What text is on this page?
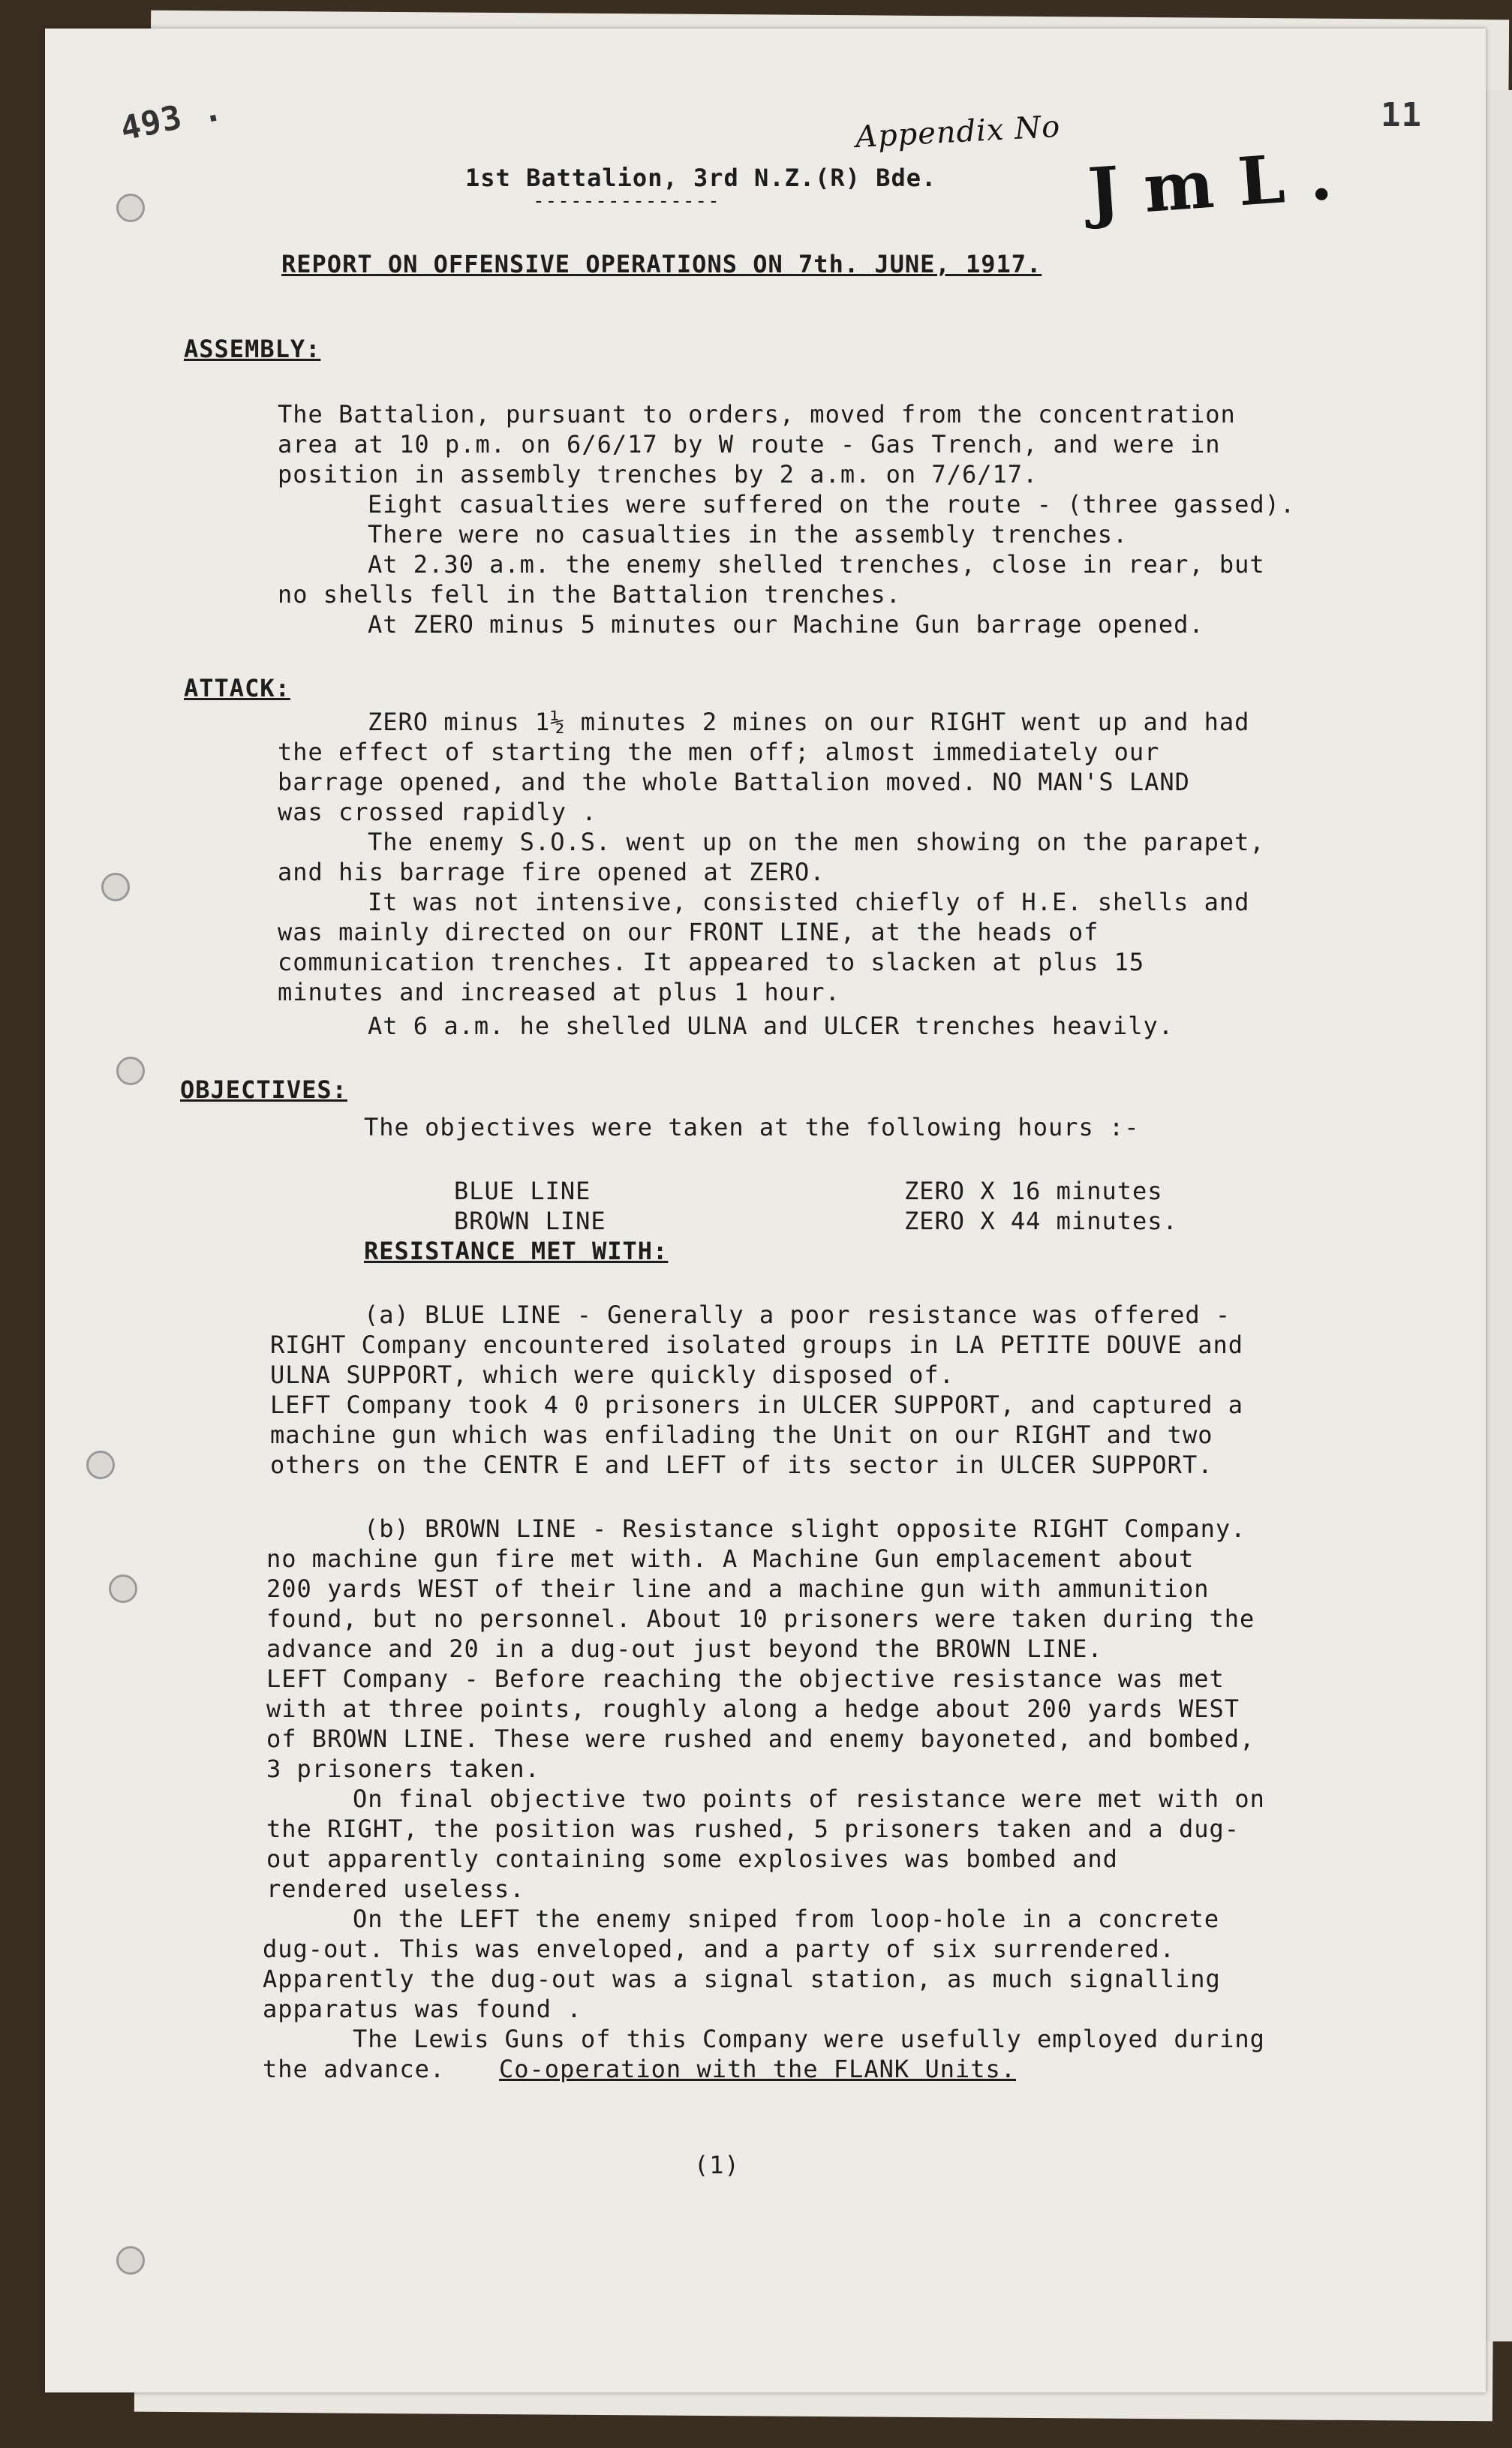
493 .	11
Appendix No
J m L .
1st Battalion, 3rd N.Z.(R) Bde.
---------------
REPORT ON OFFENSIVE OPERATIONS ON 7th. JUNE, 1917.
ASSEMBLY:
The Battalion, pursuant to orders, moved from the concentration
area at 10 p.m. on 6/6/17 by W route - Gas Trench, and were in
position in assembly trenches by 2 a.m. on 7/6/17.
Eight casualties were suffered on the route - (three gassed).
There were no casualties in the assembly trenches.
At 2.30 a.m. the enemy shelled trenches, close in rear, but
no shells fell in the Battalion trenches.
At ZERO minus 5 minutes our Machine Gun barrage opened.
ATTACK:
ZERO minus 1½ minutes 2 mines on our RIGHT went up and had
the effect of starting the men off; almost immediately our
barrage opened, and the whole Battalion moved. NO MAN'S LAND
was crossed rapidly .
The enemy S.O.S. went up on the men showing on the parapet,
and his barrage fire opened at ZERO.
It was not intensive, consisted chiefly of H.E. shells and
was mainly directed on our FRONT LINE, at the heads of
communication trenches. It appeared to slacken at plus 15
minutes and increased at plus 1 hour.
At 6 a.m. he shelled ULNA and ULCER trenches heavily.
OBJECTIVES:
The objectives were taken at the following hours :-
BLUE LINE	ZERO X 16 minutes
BROWN LINE	ZERO X 44 minutes.
RESISTANCE MET WITH:
(a) BLUE LINE - Generally a poor resistance was offered -
RIGHT Company encountered isolated groups in LA PETITE DOUVE and
ULNA SUPPORT, which were quickly disposed of.
LEFT Company took 4 0 prisoners in ULCER SUPPORT, and captured a
machine gun which was enfilading the Unit on our RIGHT and two
others on the CENTR E and LEFT of its sector in ULCER SUPPORT.
(b) BROWN LINE - Resistance slight opposite RIGHT Company.
no machine gun fire met with. A Machine Gun emplacement about
200 yards WEST of their line and a machine gun with ammunition
found, but no personnel. About 10 prisoners were taken during the
advance and 20 in a dug-out just beyond the BROWN LINE.
LEFT Company - Before reaching the objective resistance was met
with at three points, roughly along a hedge about 200 yards WEST
of BROWN LINE. These were rushed and enemy bayoneted, and bombed,
3 prisoners taken.
On final objective two points of resistance were met with on
the RIGHT, the position was rushed, 5 prisoners taken and a dug-
out apparently containing some explosives was bombed and
rendered useless.
On the LEFT the enemy sniped from loop-hole in a concrete
dug-out. This was enveloped, and a party of six surrendered.
Apparently the dug-out was a signal station, as much signalling
apparatus was found .
The Lewis Guns of this Company were usefully employed during
the advance. Co-operation with the FLANK Units.
(1)
